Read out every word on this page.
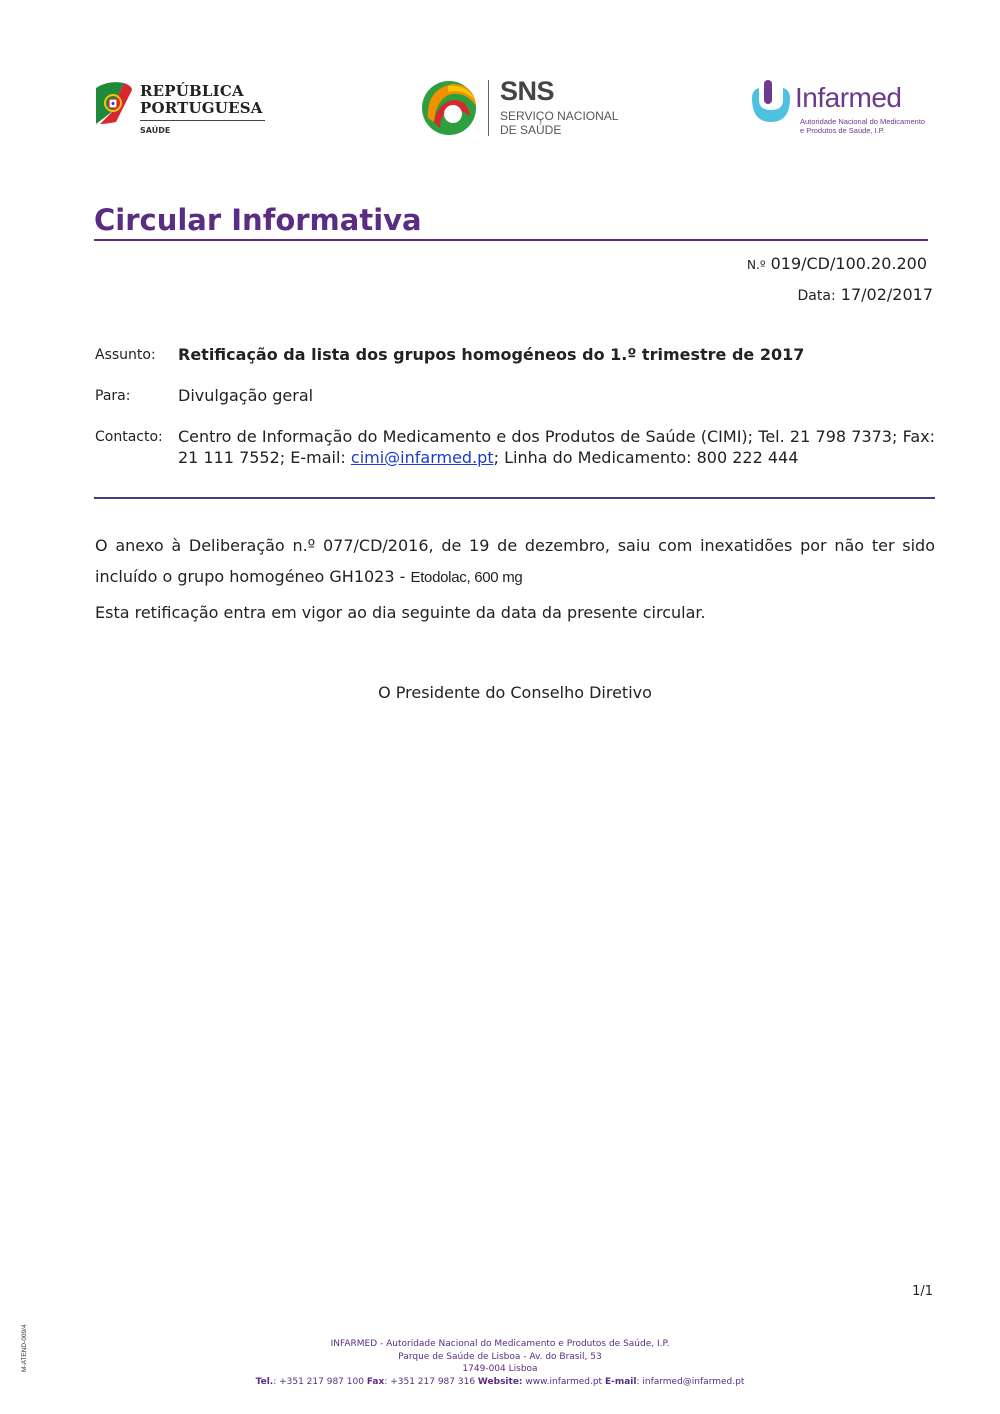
REPÚBLICA
PORTUGUESA
SAÚDE
SNS
SERVIÇO NACIONAL
DE SAÚDE
Infarmed
Autoridade Nacional do Medicamento
e Produtos de Saúde, I.P.
Circular Informativa
N.º 019/CD/100.20.200
Data: 17/02/2017
Assunto: Retificação da lista dos grupos homogéneos do 1.º trimestre de 2017
Para:	Divulgação geral
Contacto: Centro de Informação do Medicamento e dos Produtos de Saúde (CIMI); Tel. 21 798 7373; Fax: 21 111 7552; E-mail: cimi@infarmed.pt; Linha do Medicamento: 800 222 444
O anexo à Deliberação n.º 077/CD/2016, de 19 de dezembro, saiu com inexatidões por não ter sido incluído o grupo homogéneo GH1023 - Etodolac, 600 mg
Esta retificação entra em vigor ao dia seguinte da data da presente circular.
O Presidente do Conselho Diretivo
1/1
M-ATEND-009/4	INFARMED - Autoridade Nacional do Medicamento e Produtos de Saúde, I.P.
Parque de Saúde de Lisboa - Av. do Brasil, 53
1749-004 Lisboa
Tel.: +351 217 987 100 Fax: +351 217 987 316 Website: www.infarmed.pt E-mail: infarmed@infarmed.pt
